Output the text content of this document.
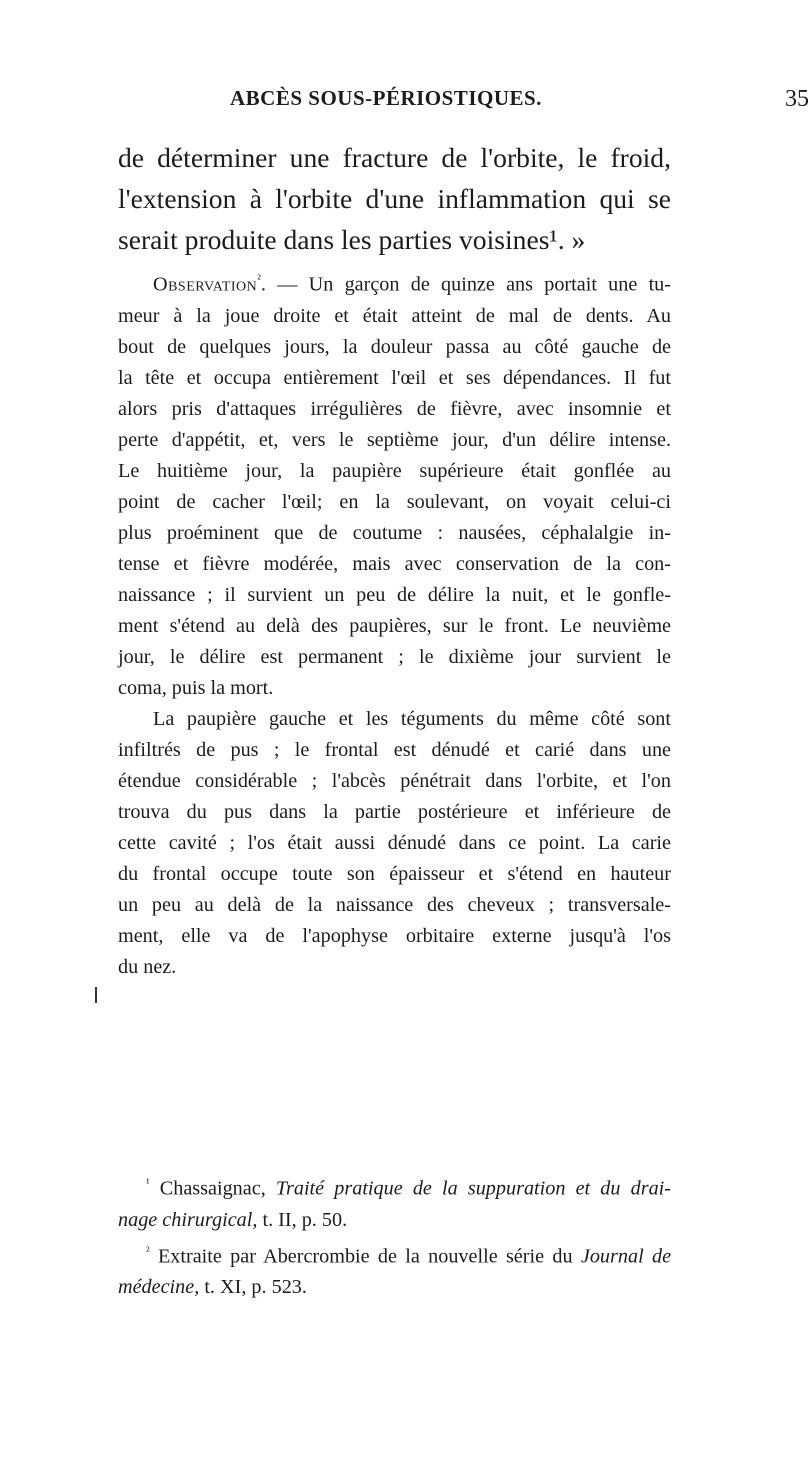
ABCÈS SOUS-PÉRIOSTIQUES.	35
de déterminer une fracture de l'orbite, le froid,
l'extension à l'orbite d'une inflammation qui se
serait produite dans les parties voisines¹. »
Observation$^{^2}$. — Un garçon de quinze ans portait une tu-
meur à la joue droite et était atteint de mal de dents. Au
bout de quelques jours, la douleur passa au côté gauche de
la tête et occupa entièrement l'œil et ses dépendances. Il fut
alors pris d'attaques irrégulières de fièvre, avec insomnie et
perte d'appétit, et, vers le septième jour, d'un délire intense.
Le huitième jour, la paupière supérieure était gonflée au
point de cacher l'œil; en la soulevant, on voyait celui-ci
plus proéminent que de coutume : nausées, céphalalgie in-
tense et fièvre modérée, mais avec conservation de la con-
naissance ; il survient un peu de délire la nuit, et le gonfle-
ment s'étend au delà des paupières, sur le front. Le neuvième
jour, le délire est permanent ; le dixième jour survient le
coma, puis la mort.
La paupière gauche et les téguments du même côté sont
infiltrés de pus ; le frontal est dénudé et carié dans une
étendue considérable ; l'abcès pénétrait dans l'orbite, et l'on
trouva du pus dans la partie postérieure et inférieure de
cette cavité ; l'os était aussi dénudé dans ce point. La carie
du frontal occupe toute son épaisseur et s'étend en hauteur
un peu au delà de la naissance des cheveux ; transversale-
ment, elle va de l'apophyse orbitaire externe jusqu'à l'os
du nez.
$^{^1}$ Chassaignac, Traité pratique de la suppuration et du drai-
nage chirurgical, t. II, p. 50.
$^{^2}$ Extraite par Abercrombie de la nouvelle série du Journal de
médecine, t. XI, p. 523.
